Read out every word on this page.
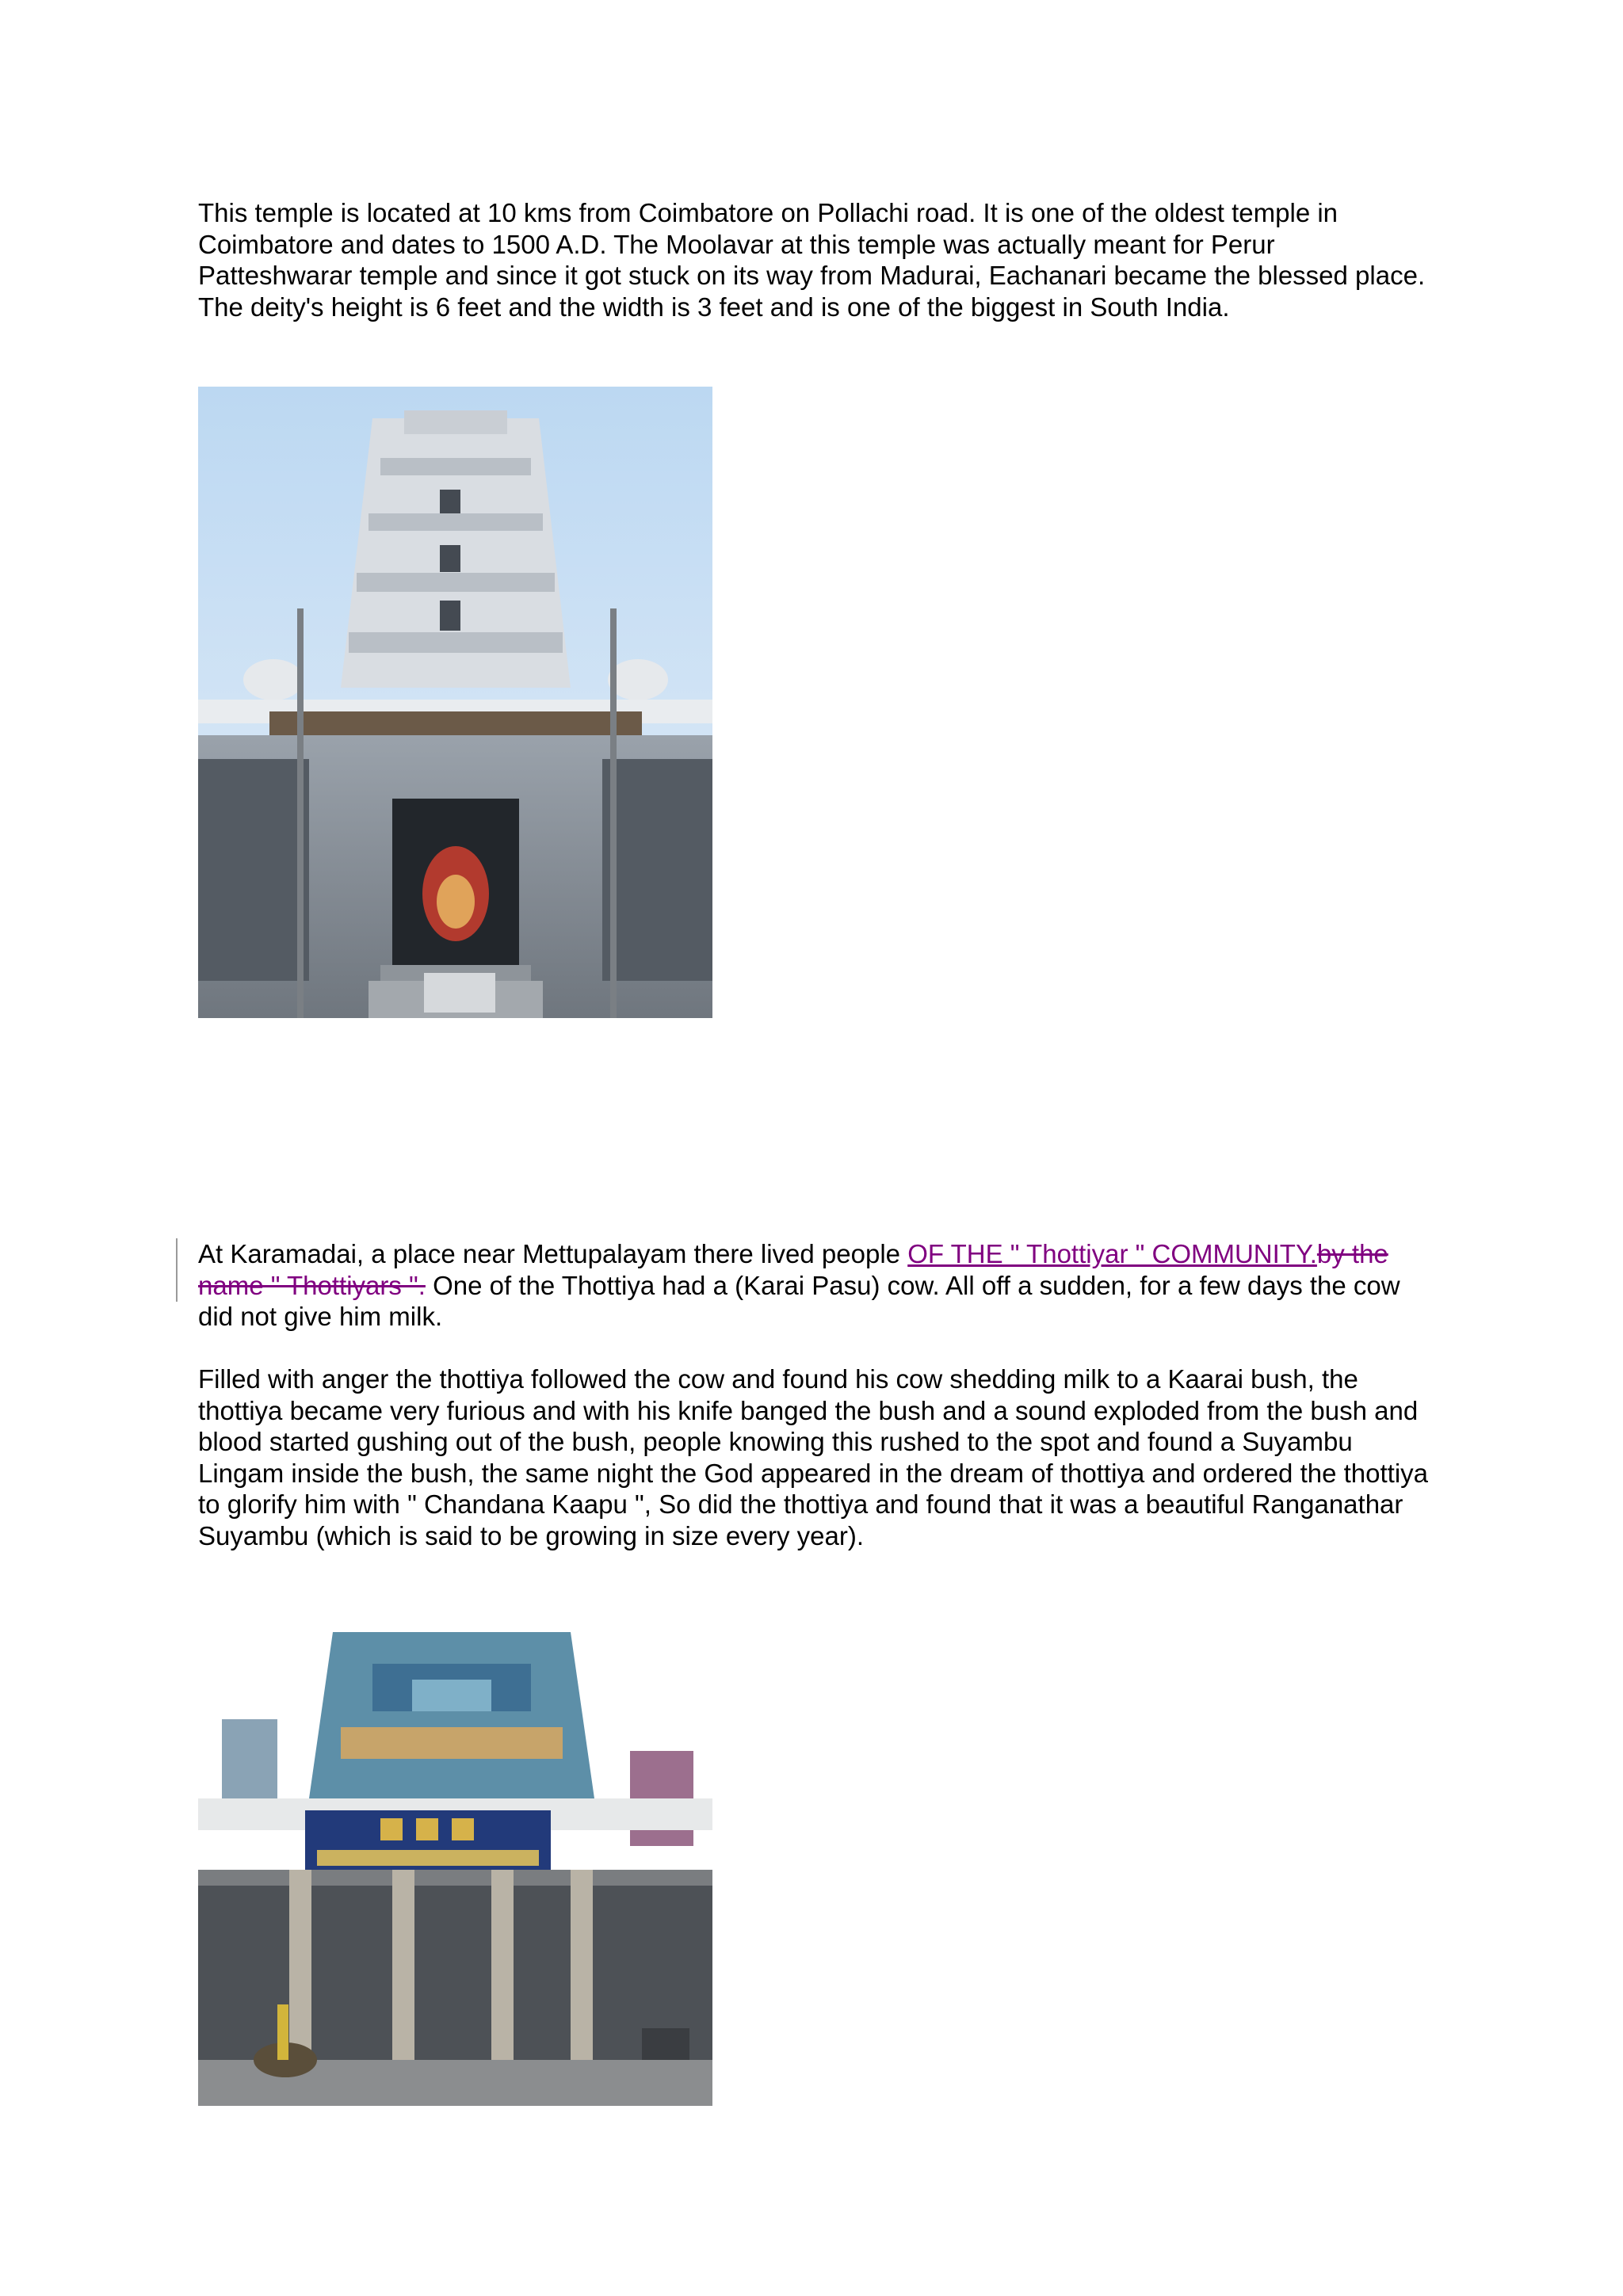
This temple is located at 10 kms from Coimbatore on Pollachi road. It is one of the oldest temple in Coimbatore and dates to 1500 A.D. The Moolavar at this temple was actually meant for Perur Patteshwarar temple and since it got stuck on its way from Madurai, Eachanari became the blessed place. The deity's height is 6 feet and the width is 3 feet and is one of the biggest in South India.

At Karamadai, a place near Mettupalayam there lived people OF THE " Thottiyar " COMMUNITY.by the name " Thottiyars ". One of the Thottiya had a (Karai Pasu) cow. All off a sudden, for a few days the cow did not give him milk.

Filled with anger the thottiya followed the cow and found his cow shedding milk to a Kaarai bush, the thottiya became very furious and with his knife banged the bush and a sound exploded from the bush and blood started gushing out of the bush, people knowing this rushed to the spot and found a Suyambu Lingam inside the bush, the same night the God appeared in the dream of thottiya and ordered the thottiya to glorify him with " Chandana Kaapu ", So did the thottiya and found that it was a beautiful Ranganathar Suyambu (which is said to be growing in size every year).
